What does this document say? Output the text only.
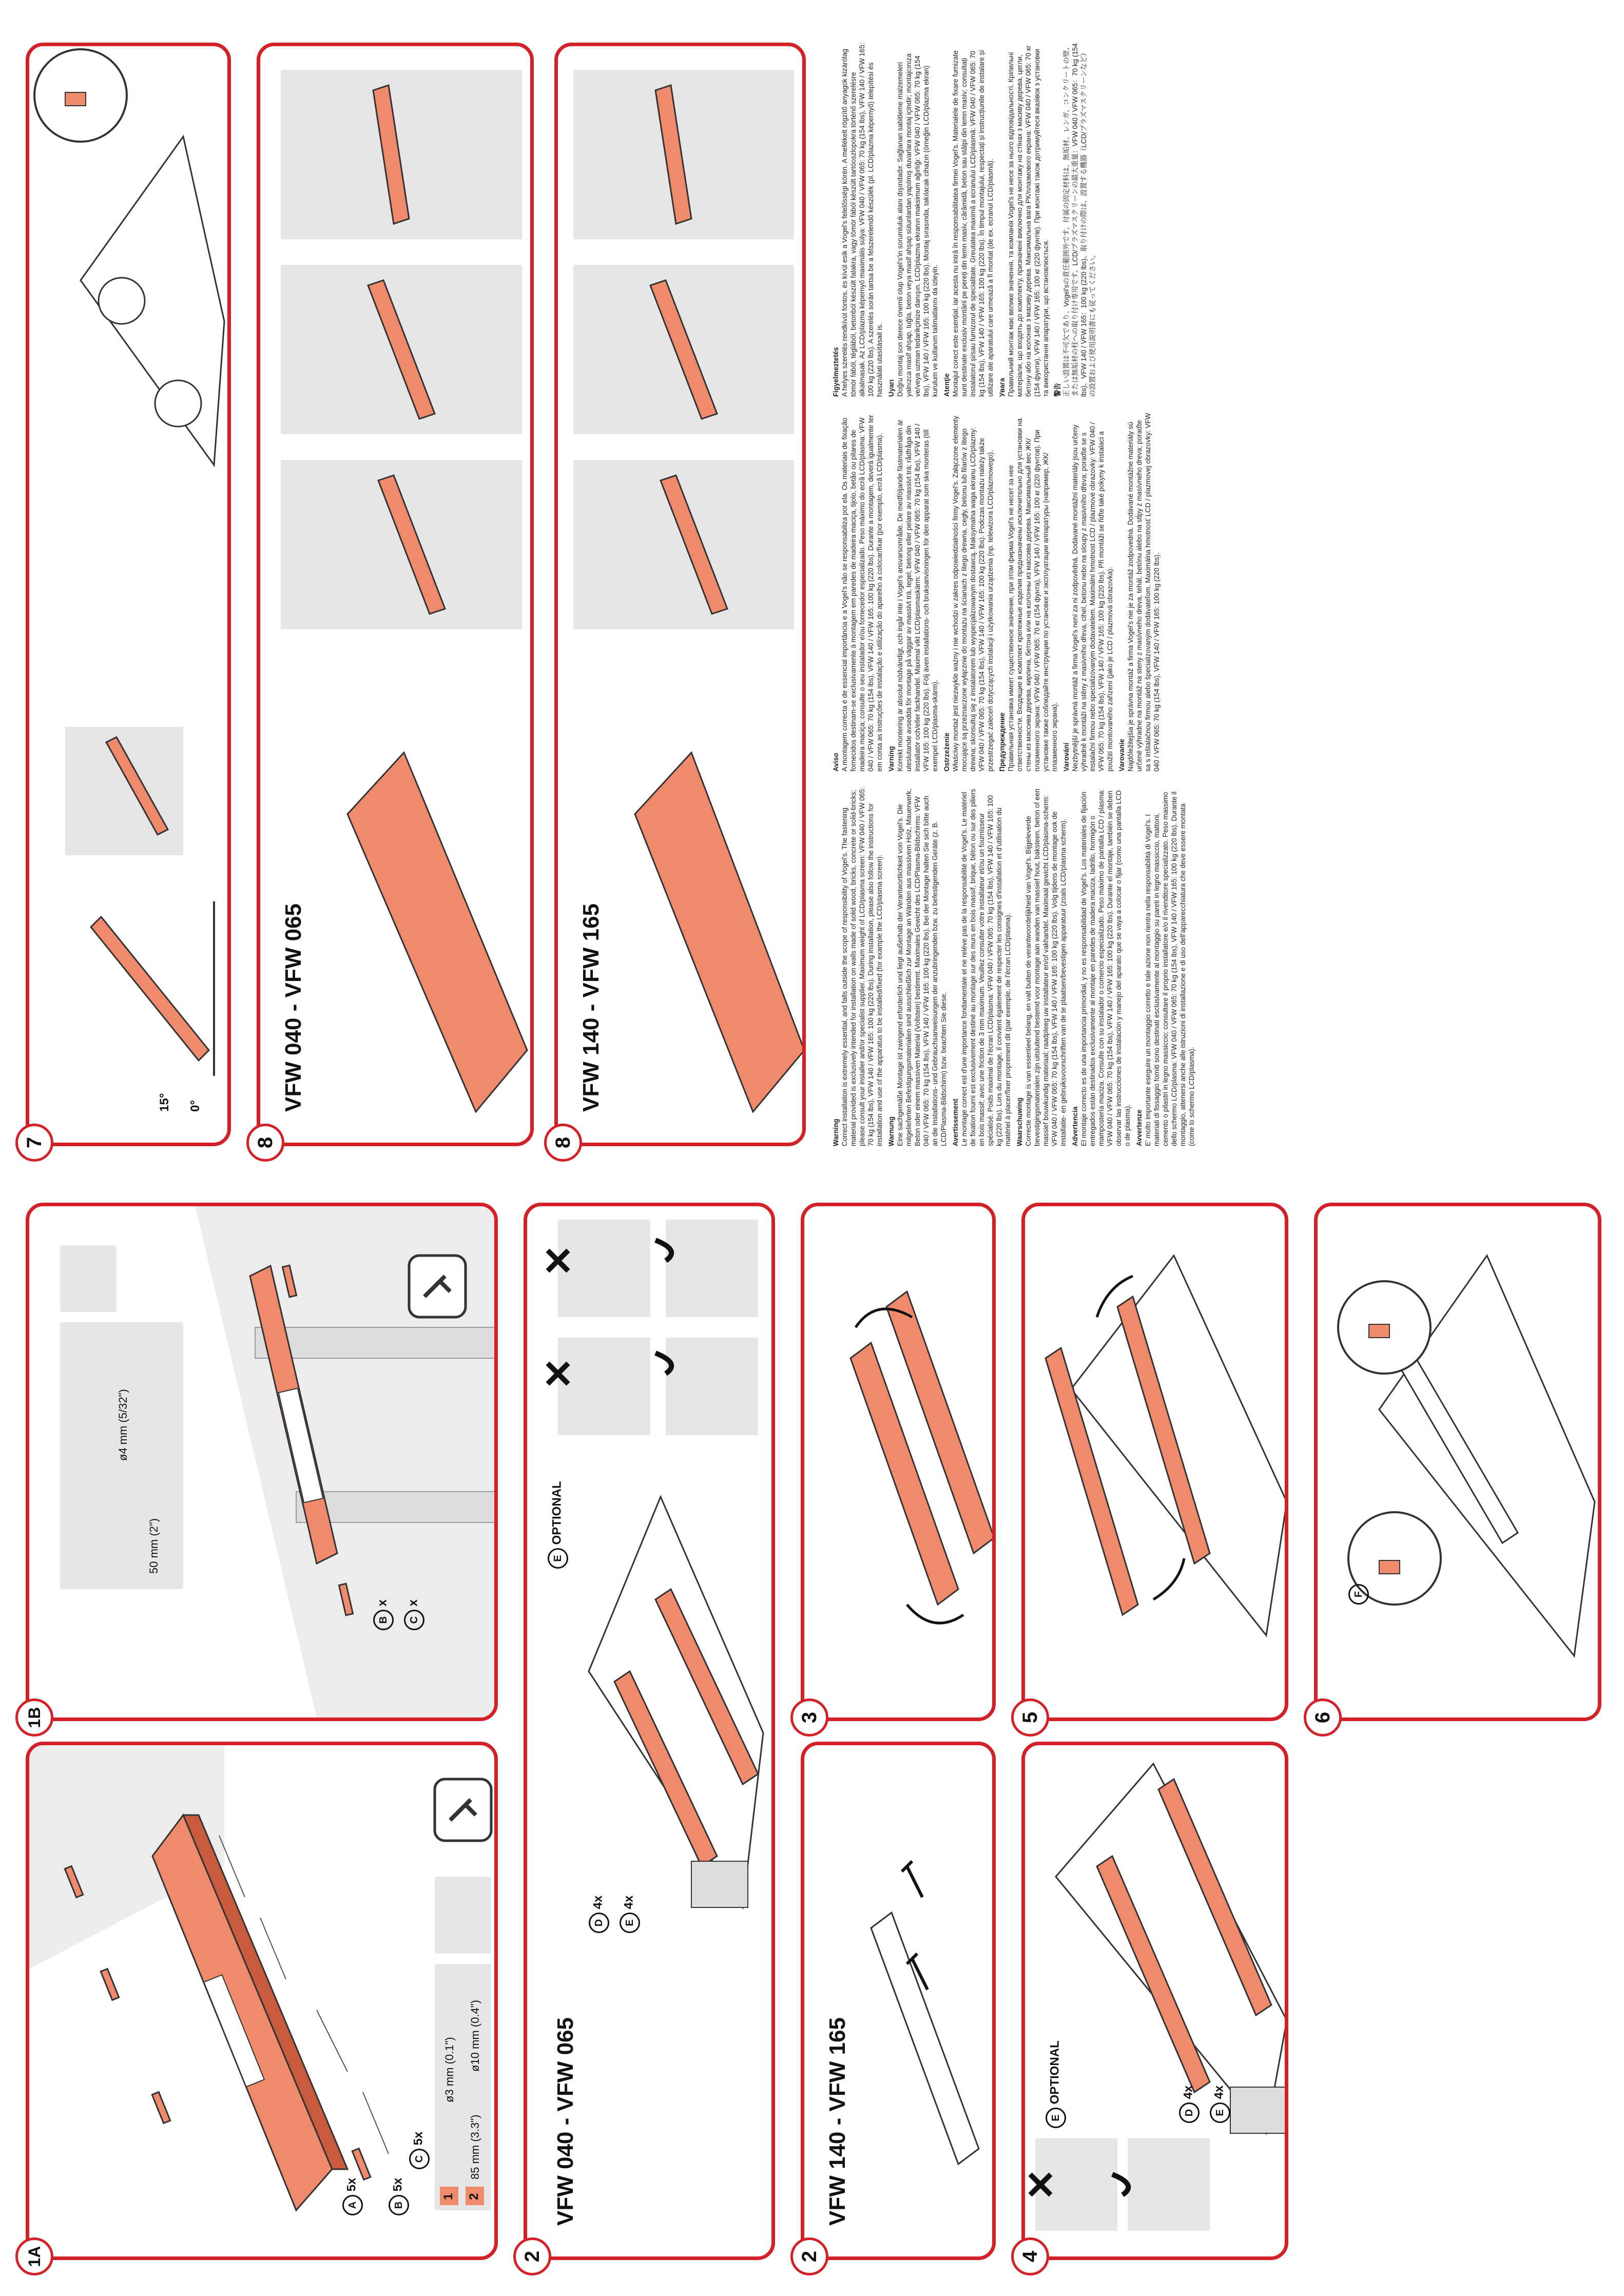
1 2
ø3 mm (0.1")
85 mm (3.3")
ø10 mm (0.4")
A 5x
B 5x
C 5x
1A
50 mm (2")
ø4 mm (5/32")
B x
C x
1B
VFW 040 - VFW 065
D 4x
E 4x
E OPTIONAL
2
VFW 140 - VFW 165
2
3
D 4x
E 4x
E OPTIONAL
4
5
F
6
15° 0°
7
VFW 040 - VFW 065
8
VFW 140 - VFW 165
8	Warning Correct installation is extremely essential, and falls outside the scope of responsibility of Vogel's. The fastening material provided is exclusively intended for installation on walls made of solid wood, bricks, concrete or solid-bricks; please consult your installer and/or specialist supplier. Maximum weight of LCD/plasma screen: VFW 040 / VFW 065: 70 kg (154 lbs), VFW 140 / VFW 165: 100 kg (220 lbs). During installation, please also follow the instructions for installation and use of the apparatus to be installed/fixed (for example the LCD/plasma screen). Warnung Eine sachgemäße Montage ist zwingend erforderlich und liegt außerhalb der Verantwortlichkeit von Vogel's. Die mitgelieferten Befestigungsmaterialien sind ausschließlich zur Montage an Wänden aus massivem Holz, Mauerwerk, Beton oder einem massiven Material (Vollstein) bestimmt. Maximales Gewicht des LCD/Plasma-Bildschirms: VFW 040 / VFW 065: 70 kg (154 lbs), VFW 140 / VFW 165: 100 kg (220 lbs). Bei der Montage halten Sie sich bitte auch an die Installations- und Gebrauchsanweisungen der anzubringenden bzw. zu befestigenden Geräte (z. B. LCD/Plasma-Bildschirm) bzw. beachten Sie diese. Avertissement Le montage correct est d'une importance fondamentale et ne relève pas de la responsabilité de Vogel's. Le matériel de fixation fourni est exclusivement destiné au montage sur des murs en bois massif, brique, béton ou sur des piliers en bois massif; avec une friction de 3 mm maximum. Veuillez consulter votre installateur et/ou un fournisseur spécialisé. Poids maximal de l'écran LCD/plasma: VFW 040 / VFW 065: 70 kg (154 lbs), VFW 140 / VFW 165: 100 kg (220 lbs). Lors du montage, il convient également de respecter les consignes d'installation et d'utilisation du matériel à placer/fixer proprement dit (par exemple, de l'écran LCD/plasma). Waarschuwing Correcte montage is van essentieel belang, en valt buiten de verantwoordelijkheid van Vogel's. Bijgeleverde bevestigingsmaterialen zijn uitsluitend bestemd voor montage aan wanden van massief hout, baksteen, beton of een massief bouwkundig materiaal; raadpleeg uw installateur en/of vakhandel. Maximaal gewicht LCD/plasma-scherm: VFW 040 / VFW 065: 70 kg (154 lbs), VFW 140 / VFW 165: 100 kg (220 lbs). Volg tijdens de montage ook de installatie- en gebruiksvoorschriften van de te plaatsen/bevestigen apparatuur (zoals LCD/plasma scherm). Advertencia El montaje correcto es de una importancia primordial, y no es responsabilidad de Vogel's. Los materiales de fijación entregados están destinados exclusivamente al montaje en paredes de madera maciza, ladrillo, hormigón o mampostería maciza. Consulte con su instalador o comercio especializado. Peso máximo de pantalla LCD / plasma: VFW 040 / VFW 065: 70 kg (154 lbs), VFW 140 / VFW 165: 100 kg (220 lbs). Durante el montaje, también se deben observar las instrucciones de instalación y manejo del aparato que se vaya a colocar o fijar (como una pantalla LCD o de plasma). Avvertenze E' molto importante eseguire un montaggio corretto e tale azione non rientra nella responsabilità di Vogel's. I materiali di fissaggio forniti sono destinati esclusivamente al montaggio su pareti in legno massiccio, mattoni, cemento o pilastri in legno massiccio; consultare il proprio installatore e/o il rivenditore specializzato. Peso massimo dello schermo LCD/plasma: VFW 040 / VFW 065: 70 kg (154 lbs), VFW 140 / VFW 165: 100 kg (220 lbs). Durante il montaggio, attenersi anche alle istruzioni di installazione e di uso dell'apparecchiatura che deve essere montata (come lo schermo LCD/plasma).

Aviso A montagem correcta é de essencial importância e a Vogel's não se responsabiliza por ela. Os materiais de fixação fornecidos destinam-se exclusivamente à montagem em paredes de madeira maciça, tijolo, betão ou pilares de madeira maciça; consulte o seu instalador e/ou fornecedor especializado. Peso máximo do ecrã LCD/plasma: VFW 040 / VFW 065: 70 kg (154 lbs), VFW 140 / VFW 165: 100 kg (220 lbs). Durante a montagem, deverá igualmente ter em conta as instruções de instalação e utilização do aparelho a colocar/fixar (por exemplo, ecrã LCD/plasma). Varning Korrekt montering är absolut nödvändigt, och ingår inte i Vogel's ansvarsområde. De medföljande fästmaterialen är uteslutande avsedda för montage på väggar av massivt trä, tegel, betong eller pelare av massivt trä; rådfråga din installatör och/eller fackhandel. Maximal vikt LCD/plasmaskärm: VFW 040 / VFW 065: 70 kg (154 lbs), VFW 140 / VFW 165: 100 kg (220 lbs). Följ även installations- och bruksanvisningen för den apparat som ska monteras (till exempel LCD/plasma-skärm). Ostrzeżenie Właściwy montaż jest niezwykle ważny i nie wchodzi w zakres odpowiedzialności firmy Vogel's. Załączone elementy mocujące są przeznaczone wyłącznie do montażu na ścianach z litego drewna, cegły, betonu lub filarów z litego drewna; skonsultuj się z instalatorem lub wyspecjalizowanym dostawcą. Maksymalna waga ekranu LCD/plazmy: VFW 040 / VFW 065: 70 kg (154 lbs), VFW 140 / VFW 165: 100 kg (220 lbs). Podczas montażu należy także przestrzegać zaleceń dotyczących instalacji i użytkowania urządzenia (np. telewizora LCD/plazmowego). Предупреждение Правильная установка имеет существенное значение, при этом фирма Vogel's не несет за нее ответственности. Входящие в комплект крепежные изделия предназначены исключительно для установки на стены из массива дерева, кирпича, бетона или на колонны из массива дерева. Максимальный вес ЖК/плазменного экрана: VFW 040 / VFW 065: 70 кг (154 фунта), VFW 140 / VFW 165: 100 кг (220 фунтов). При установке также соблюдайте инструкции по установке и эксплуатации аппаратуры (например, ЖК/плазменного экрана). Varování Nezbytnější je správná montáž a firma Vogel's není za ni zodpovědná. Dodávané montážní materiály jsou určeny výhradně k montáži na stěny z masivního dřeva, cihel, betonu nebo na sloupy z masivního dřeva; poraďte se s instalační firmou nebo specializovaným dodavatelem. Maximální hmotnost LCD / plazmové obrazovky: VFW 040 / VFW 065: 70 kg (154 lbs), VFW 140 / VFW 165: 100 kg (220 lbs). Při montáži se řiďte také pokyny k instalaci a použití montovaného zařízení (jako je LCD / plazmová obrazovka). Varovanie Najdôležitejšia je správna montáž a firma Vogel's nie je za montáž zodpovedná. Dodávané montážne materiály sú určené výhradne na montáž na steny z masívneho dreva, tehál, betónu alebo na stĺpy z masívneho dreva; poraďte sa s inštalačnou firmou alebo špecializovaným dodávateľom. Maximálna hmotnosť LCD / plazmovej obrazovky: VFW 040 / VFW 065: 70 kg (154 lbs), VFW 140 / VFW 165: 100 kg (220 lbs).

Figyelmeztetés A helyes szerelés rendkívül fontos, és kívül esik a Vogel's felelősségi körén. A mellékelt rögzítő anyagok kizárólag tömör fából, téglából, betonból készült falakra, vagy tömör fából készült tartóoszlopokra történő szerelésre alkalmasak. Az LCD/plazma képernyő maximális súlya: VFW 040 / VFW 065: 70 kg (154 lbs), VFW 140 / VFW 165: 100 kg (220 lbs). A szerelés során tartsa be a felszerelendő készülék (pl. LCD/plazma képernyő) telepítési és használati utasításait is. Uyarı Doğru montaj son derece önemli olup Vogel's'in sorumluluk alanı dışındadır. Sağlanan sabitleme malzemeleri yalnızca masif ahşap, tuğla, beton veya masif ahşap sütunlardan yapılmış duvarlara montaj içindir; montajcınıza ve/veya uzman tedarikçinize danışın. LCD/plazma ekranın maksimum ağırlığı: VFW 040 / VFW 065: 70 kg (154 lbs), VFW 140 / VFW 165: 100 kg (220 lbs). Montaj sırasında, takılacak cihazın (örneğin LCD/plazma ekran) kurulum ve kullanım talimatlarını da izleyin. Atenţie Montajul corect este esențial, iar acesta nu intră în responsabilitatea firmei Vogel's. Materialele de fixare furnizate sunt destinate exclusiv montării pe pereți din lemn masiv, cărămidă, beton sau stâlpi din lemn masiv; consultați instalatorul și/sau furnizorul de specialitate. Greutatea maximă a ecranului LCD/plasmă: VFW 040 / VFW 065: 70 kg (154 lbs), VFW 140 / VFW 165: 100 kg (220 lbs). În timpul montajului, respectați și instrucțiunile de instalare și utilizare ale aparatului care urmează a fi montat (de ex. ecranul LCD/plasmă). Увага Правильний монтаж має велике значення, та компанія Vogel's не несе за нього відповідальності. Кріпильні матеріали, що входять до комплекту, призначені виключно для монтажу на стінах з масиву дерева, цегли, бетону або на колонах з масиву дерева. Максимальна вага РК/плазмового екрана: VFW 040 / VFW 065: 70 кг (154 фунти), VFW 140 / VFW 165: 100 кг (220 фунтів). При монтажі також дотримуйтеся вказівок з установки та використання апаратури, що встановлюється. 警告 正しい設置は不可欠であり、Vogel'sの責任範囲外です。付属の固定材料は、無垢材、レンガ、コンクリートの壁、または無垢材の柱への取り付け専用です。LCD/プラズマスクリーンの最大重量：VFW 040 / VFW 065：70 kg (154 lbs)、VFW 140 / VFW 165：100 kg (220 lbs)。取り付けの際は、設置する機器（LCD/プラズマスクリーンなど）の設置および使用説明書にも従ってください。
